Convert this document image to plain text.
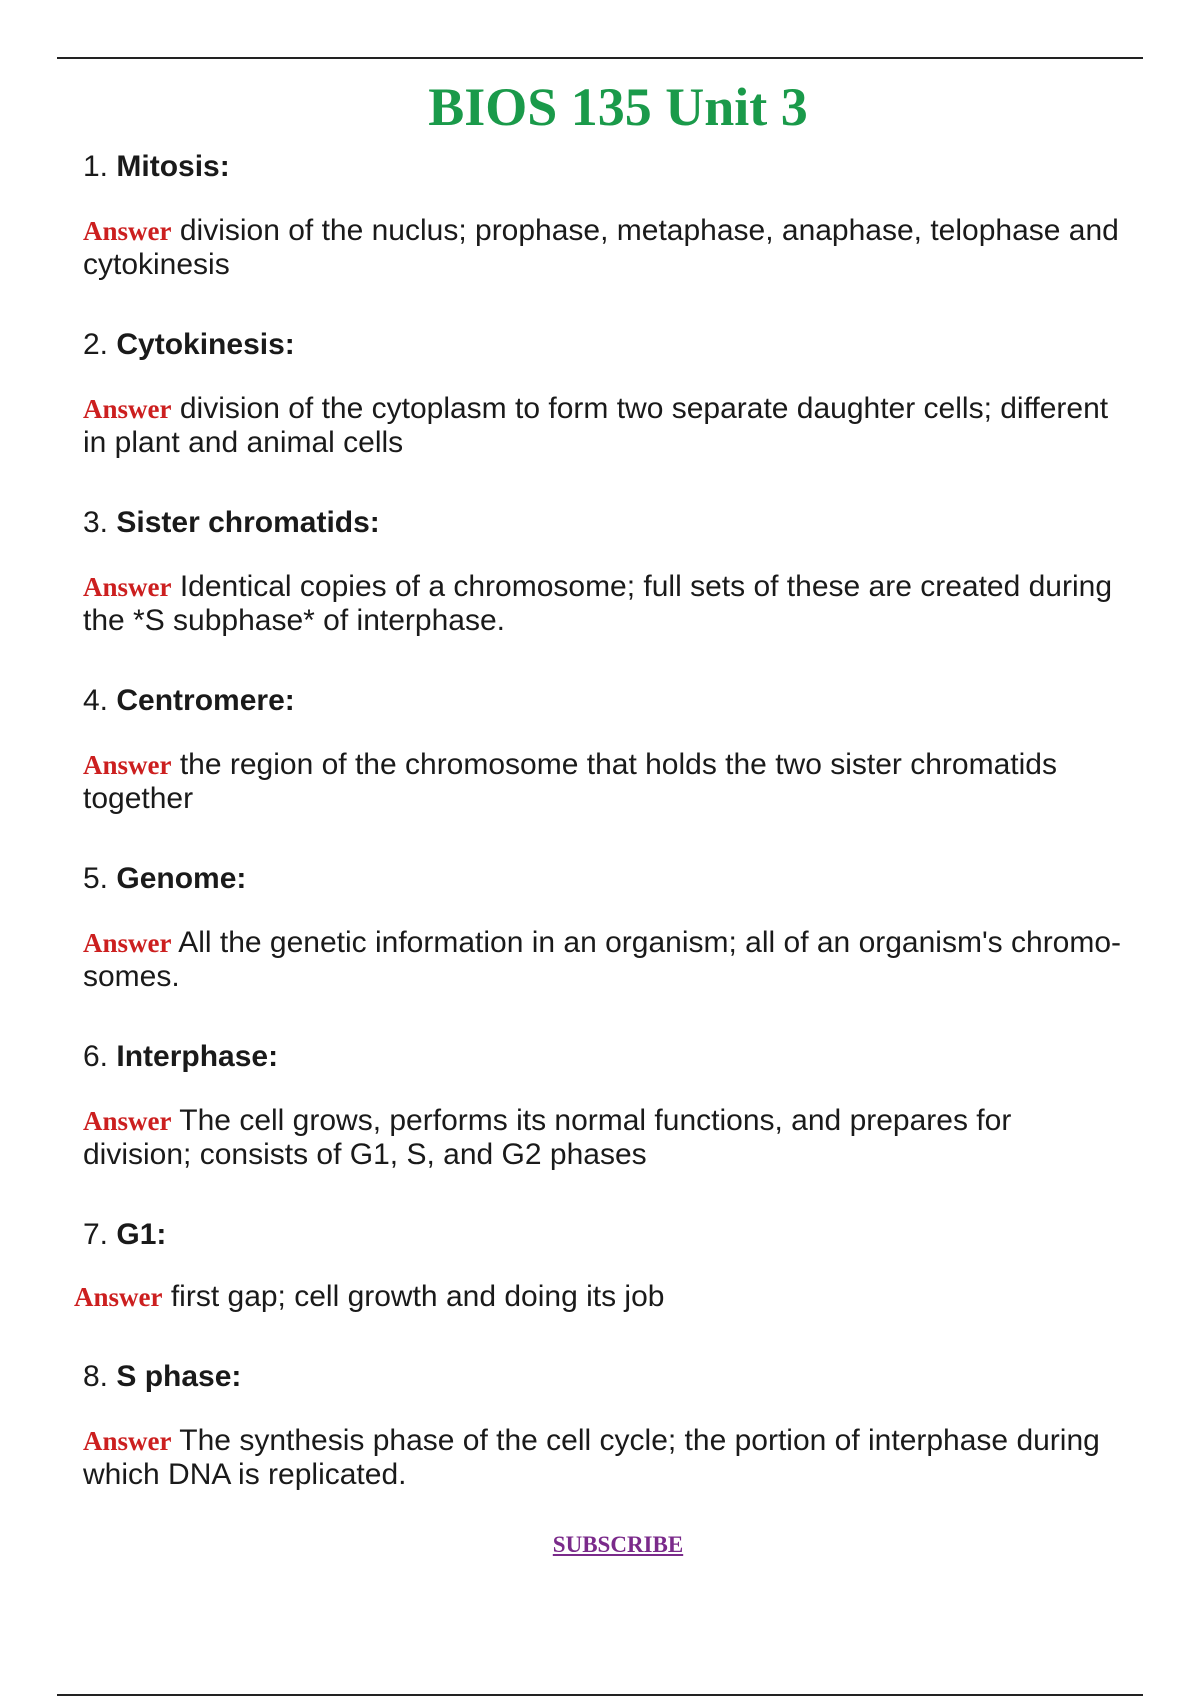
BIOS 135 Unit 3

1. Mitosis:

Answer division of the nuclus; prophase, metaphase, anaphase, telophase and cytokinesis

2. Cytokinesis:

Answer division of the cytoplasm to form two separate daughter cells; different in plant and animal cells

3. Sister chromatids:

Answer Identical copies of a chromosome; full sets of these are created during the *S subphase* of interphase.

4. Centromere:

Answer the region of the chromosome that holds the two sister chromatids together

5. Genome:

Answer All the genetic information in an organism; all of an organism's chromo- somes.

6. Interphase:

Answer The cell grows, performs its normal functions, and prepares for division; consists of G1, S, and G2 phases

7. G1:

Answer first gap; cell growth and doing its job

8. S phase:

Answer The synthesis phase of the cell cycle; the portion of interphase during which DNA is replicated.

SUBSCRIBE
